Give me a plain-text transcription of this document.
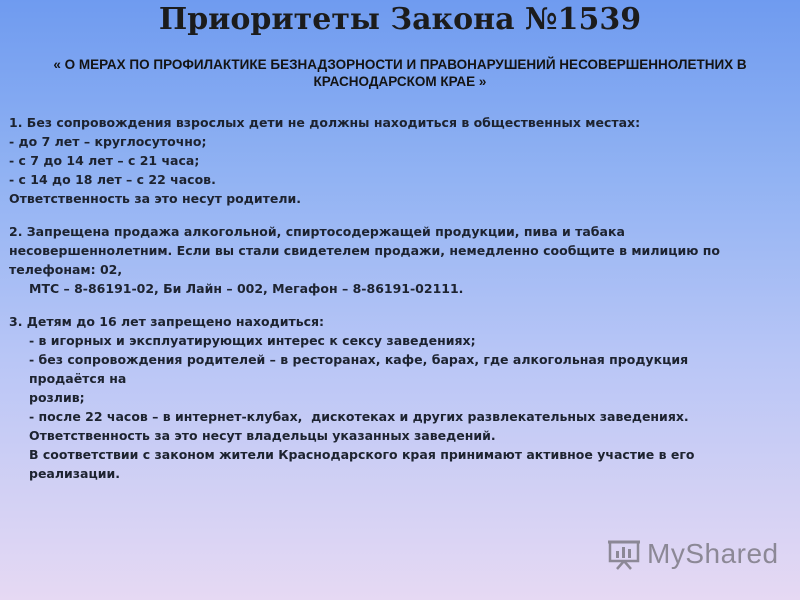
Приоритеты Закона №1539
« О МЕРАХ ПО ПРОФИЛАКТИКЕ БЕЗНАДЗОРНОСТИ И ПРАВОНАРУШЕНИЙ НЕСОВЕРШЕННОЛЕТНИХ В КРАСНОДАРСКОМ КРАЕ »
1. Без сопровождения взрослых дети не должны находиться в общественных местах:
- до 7 лет – круглосуточно;
- с 7 до 14 лет – с 21 часа;
- с 14 до 18 лет – с 22 часов.
Ответственность за это несут родители.
2. Запрещена продажа алкогольной, спиртосодержащей продукции, пива и табака несовершеннолетним. Если вы стали свидетелем продажи, немедленно сообщите в милицию по телефонам: 02,
МТС – 8-86191-02, Би Лайн – 002, Мегафон – 8-86191-02111.
3. Детям до 16 лет запрещено находиться:
- в игорных и эксплуатирующих интерес к сексу заведениях;
- без сопровождения родителей – в ресторанах, кафе, барах, где алкогольная продукция продаётся на
розлив;
- после 22 часов – в интернет-клубах,  дискотеках и других развлекательных заведениях.
Ответственность за это несут владельцы указанных заведений.
В соответствии с законом жители Краснодарского края принимают активное участие в его реализации.
MyShared
